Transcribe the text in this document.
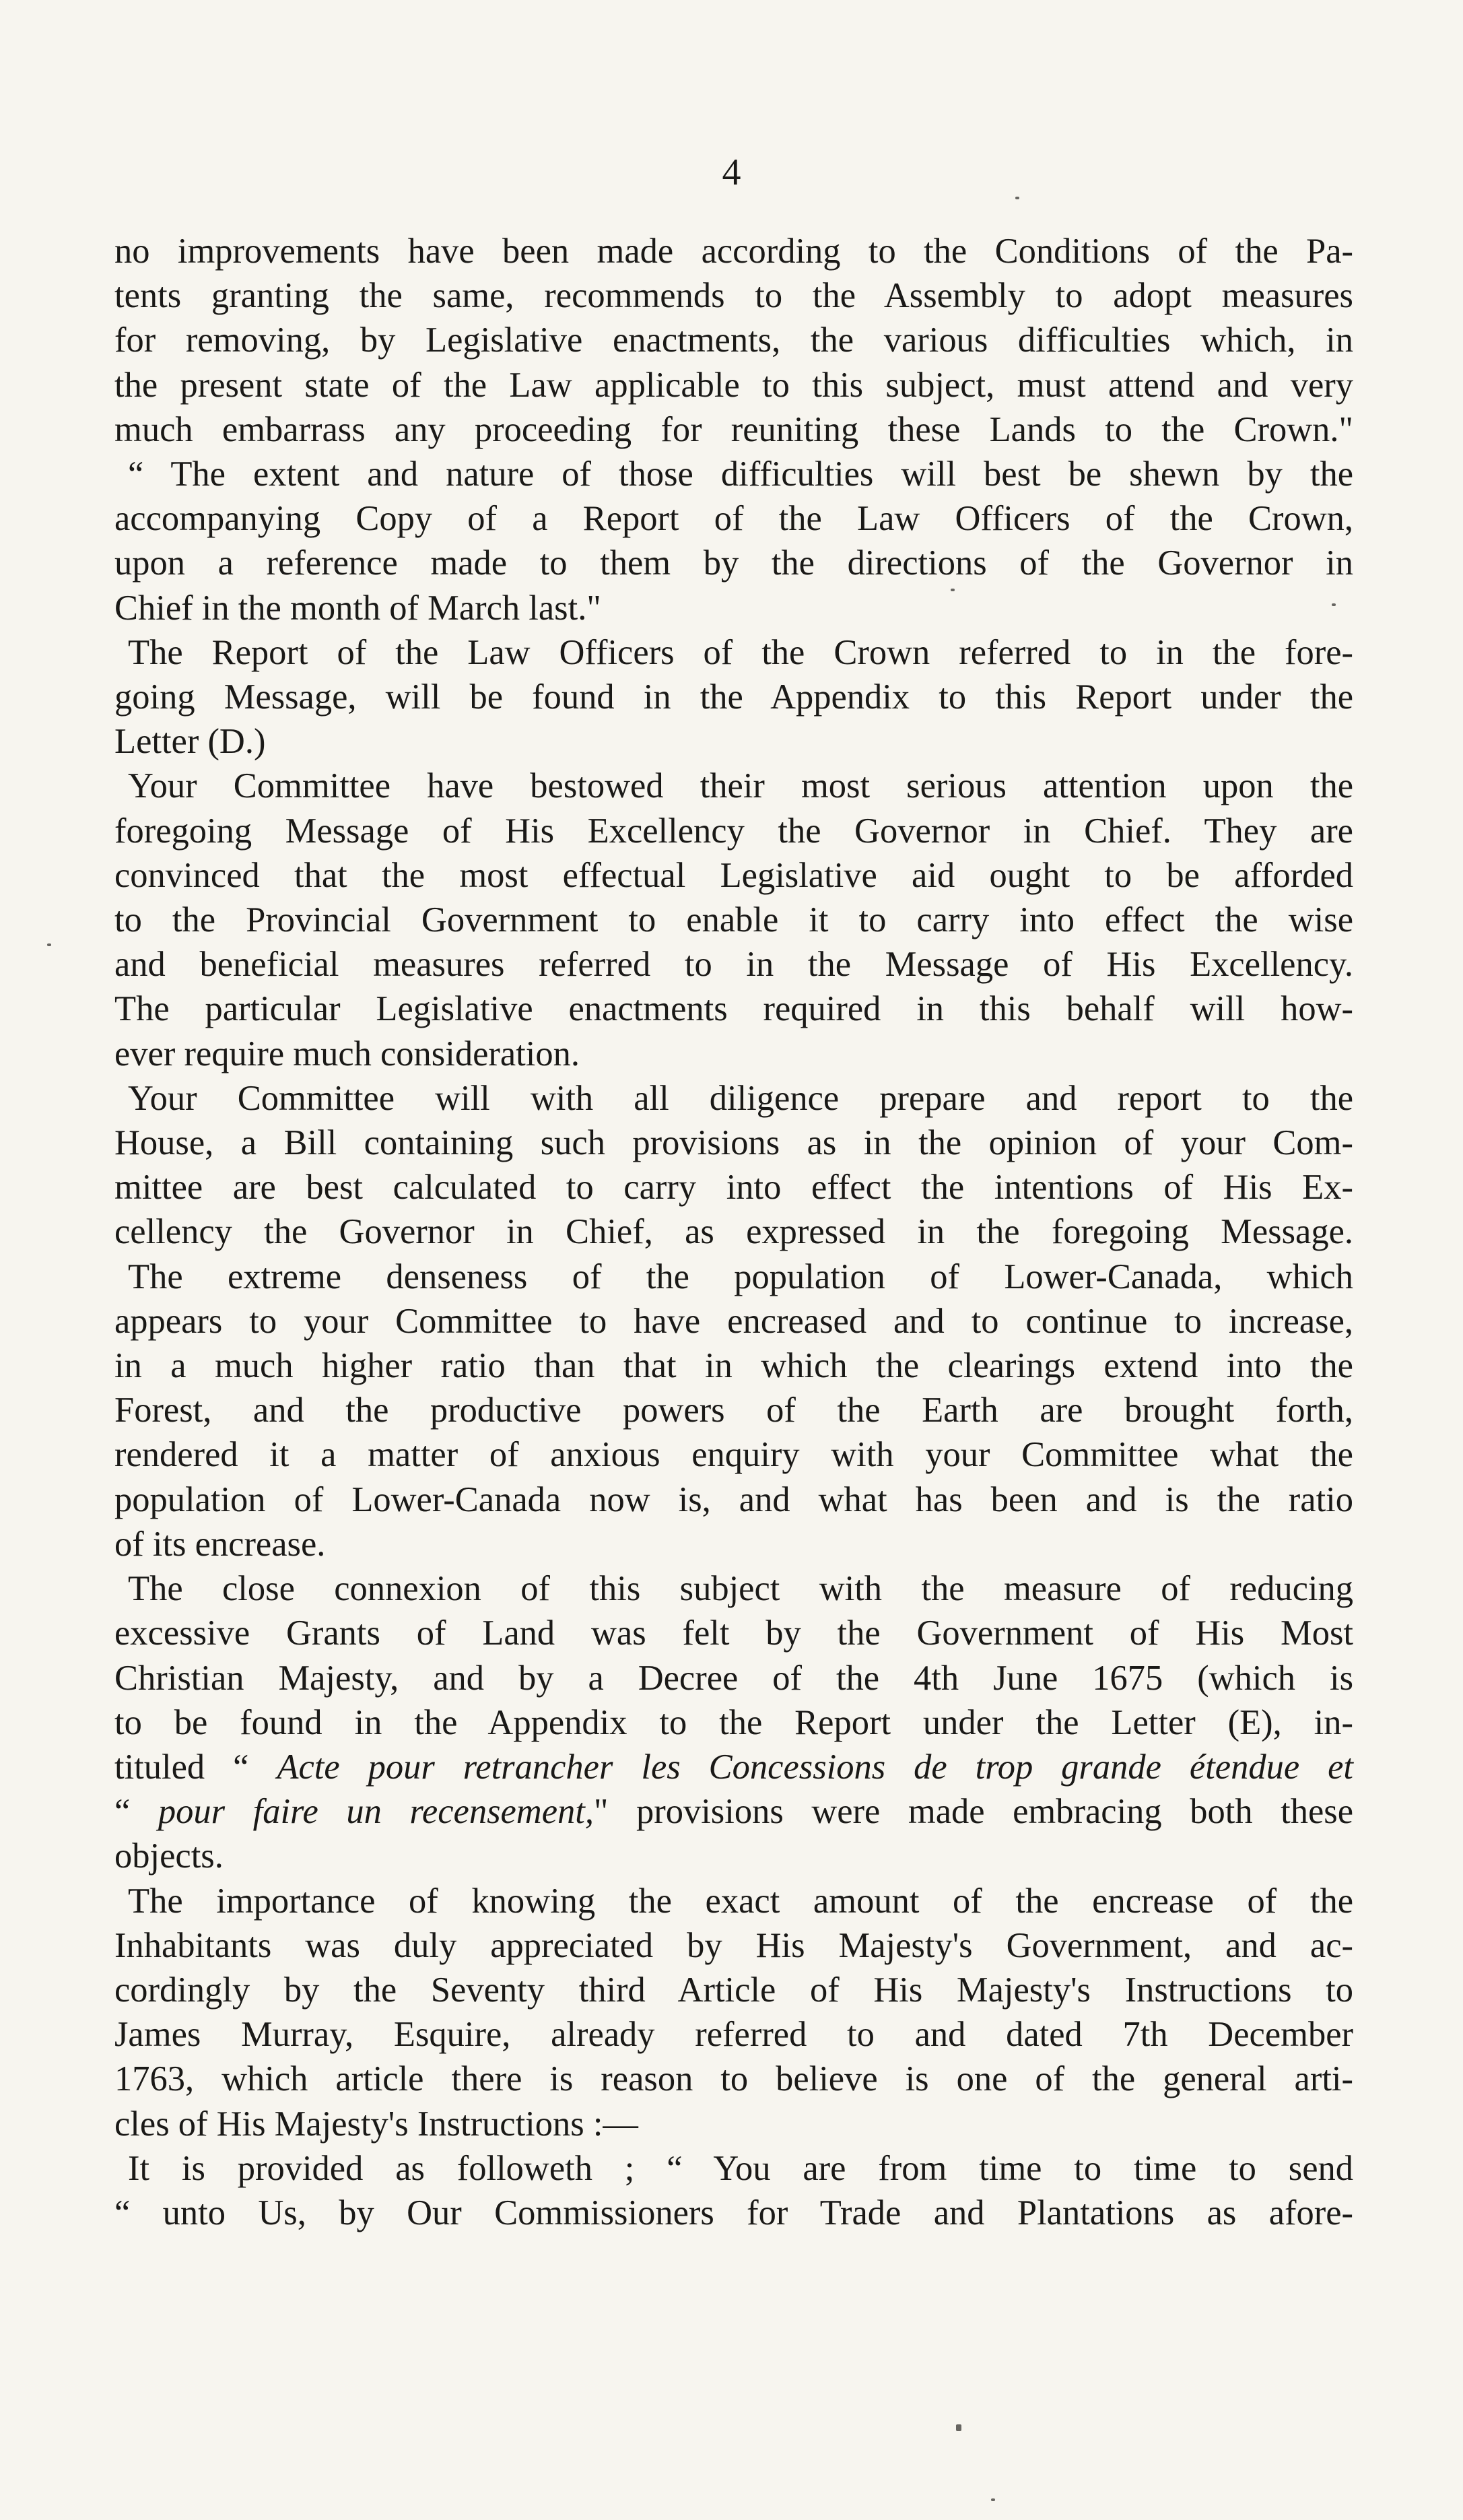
4
no improvements have been made according to the Conditions of the Pa-
tents granting the same, recommends to the Assembly to adopt measures
for removing, by Legislative enactments, the various difficulties which, in
the present state of the Law applicable to this subject, must attend and very
much embarrass any proceeding for reuniting these Lands to the Crown."
“ The extent and nature of those difficulties will best be shewn by the
accompanying Copy of a Report of the Law Officers of the Crown,
upon a reference made to them by the directions of the Governor in
Chief in the month of March last."
The Report of the Law Officers of the Crown referred to in the fore-
going Message, will be found in the Appendix to this Report under the
Letter (D.)
Your Committee have bestowed their most serious attention upon the
foregoing Message of His Excellency the Governor in Chief. They are
convinced that the most effectual Legislative aid ought to be afforded
to the Provincial Government to enable it to carry into effect the wise
and beneficial measures referred to in the Message of His Excellency.
The particular Legislative enactments required in this behalf will how-
ever require much consideration.
Your Committee will with all diligence prepare and report to the
House, a Bill containing such provisions as in the opinion of your Com-
mittee are best calculated to carry into effect the intentions of His Ex-
cellency the Governor in Chief, as expressed in the foregoing Message.
The extreme denseness of the population of Lower-Canada, which
appears to your Committee to have encreased and to continue to increase,
in a much higher ratio than that in which the clearings extend into the
Forest, and the productive powers of the Earth are brought forth,
rendered it a matter of anxious enquiry with your Committee what the
population of Lower-Canada now is, and what has been and is the ratio
of its encrease.
The close connexion of this subject with the measure of reducing
excessive Grants of Land was felt by the Government of His Most
Christian Majesty, and by a Decree of the 4th June 1675 (which is
to be found in the Appendix to the Report under the Letter (E), in-
tituled “ Acte pour retrancher les Concessions de trop grande étendue et
“ pour faire un recensement," provisions were made embracing both these
objects.
The importance of knowing the exact amount of the encrease of the
Inhabitants was duly appreciated by His Majesty's Government, and ac-
cordingly by the Seventy third Article of His Majesty's Instructions to
James Murray, Esquire, already referred to and dated 7th December
1763, which article there is reason to believe is one of the general arti-
cles of His Majesty's Instructions :—
It is provided as followeth ; “ You are from time to time to send
“ unto Us, by Our Commissioners for Trade and Plantations as afore-
